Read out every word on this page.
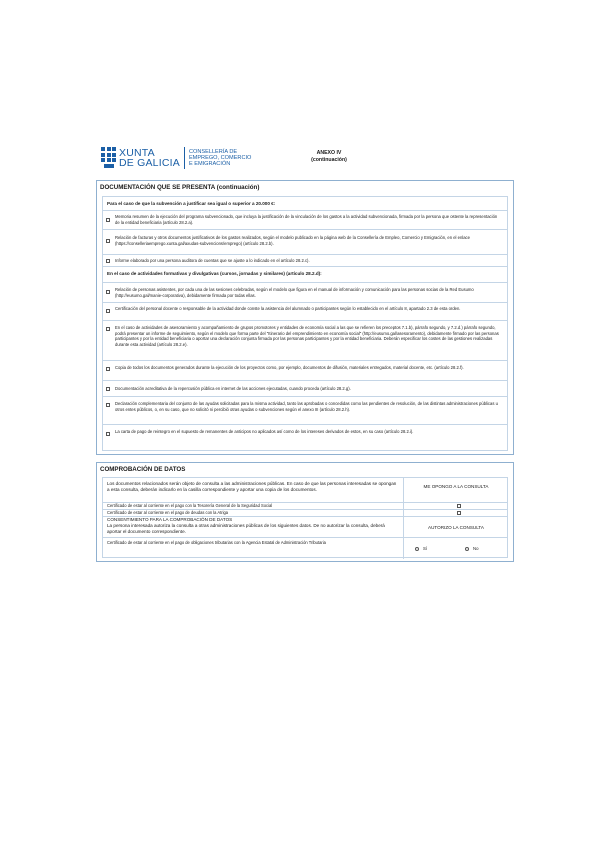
XUNTA
DE GALICIA
CONSELLERÍA DE
EMPREGO, COMERCIO
E EMIGRACIÓN
ANEXO IV
(continuación)
DOCUMENTACIÓN QUE SE PRESENTA (continuación)
Para el caso de que la subvención a justificar sea igual o superior a 20.000 €:
Memoria resumen de la ejecución del programa subvencionado, que incluya la justificación de la vinculación de los gastos a la actividad subvencionada, firmada por la persona que ostente la representación de la entidad beneficiaria (artículo 28.2.a).
Relación de facturas y otros documentos justificativos de los gastos realizados, según el modelo publicado en la página web de la Consellería de Empleo, Comercio y Emigración, en el enlace (https://conselleriaemprego.xunta.gal/axudas-subvencions/emprego) (artículo 28.2.b).
Informe elaborado por una persona auditora de cuentas que se ajuste a lo indicado en el artículo 28.2.c).
En el caso de actividades formativas y divulgativas (cursos, jornadas y similares) (artículo 28.2.d):
Relación de personas asistentes, por cada una de las sesiones celebradas, según el modelo que figura en el manual de información y comunicación para las personas socias de la Red Eusumo (http://eusumo.gal/manie-corporativa), debidamente firmada por todas ellas.
Certificación del personal docente o responsable de la actividad donde conste la asistencia del alumnado o participantes según lo establecido en el artículo 8, apartado 2.3 de esta orden.
En el caso de actividades de asesoramiento y acompañamiento de grupos promotores y entidades de economía social a las que se refieren los preceptos 7.1.b), párrafo segundo, y 7.2.d.) párrafo segundo, podrá presentar un informe de seguimiento, según el modelo que forma parte del "Itinerario del emprendimiento en economía social" (http://eusumo.gal/asesoramento), debidamente firmado por las personas participantes y por la entidad beneficiaria o aportar una declaración conjunta firmada por las personas participantes y por la entidad beneficiaria. Deberán especificar los costes de las gestiones realizadas durante esta actividad (artículo 28.2.e).
Copia de todos los documentos generados durante la ejecución de los proyectos como, por ejemplo, documentos de difusión, materiales entregados, material docente, etc. (artículo 28.2.f).
Documentación acreditativa de la repercusión pública en internet de las acciones ejecutadas, cuando proceda (artículo 28.2.g).
Declaración complementaria del conjunto de las ayudas solicitadas para la misma actividad, tanto las aprobadas o concedidas como las pendientes de resolución, de las distintas administraciones públicas u otros entes públicos, o, en su caso, que no solicitó ni percibió otras ayudas o subvenciones según el anexo III (artículo 28.2.h).
La carta de pago de reintegro en el supuesto de remanentes de anticipos no aplicados así como de los intereses derivados de estos, en su caso (artículo 28.2.i).
COMPROBACIÓN DE DATOS
Los documentos relacionados serán objeto de consulta a las administraciones públicas. En caso de que las personas interesadas se opongan a esta consulta, deberán indicarlo en la casilla correspondiente y aportar una copia de los documentos.
ME OPONGO A LA CONSULTA
Certificado de estar al corriente en el pago con la Tesorería General de la Seguridad Social
Certificado de estar al corriente en el pago de deudas con la Atriga
CONSENTIMIENTO PARA LA COMPROBACIÓN DE DATOS
La persona interesada autoriza la consulta a otras administraciones públicas de los siguientes datos. De no autorizar la consulta, deberá aportar el documento correspondiente.
AUTORIZO LA CONSULTA
Certificado de estar al corriente en el pago de obligaciones tributarias con la Agencia Estatal de Administración Tributaria
Sí	No
